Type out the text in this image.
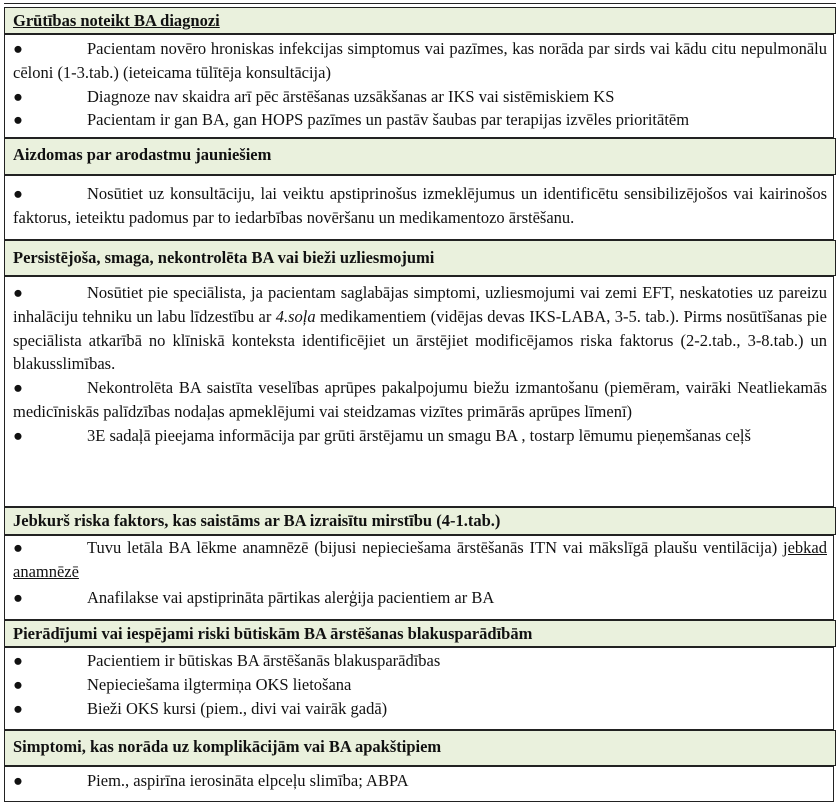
Grūtības noteikt BA diagnozi
●	Pacientam novēro hroniskas infekcijas simptomus vai pazīmes, kas norāda par sirds vai kādu citu nepulmonālu cēloni (1-3.tab.) (ieteicama tūlītēja konsultācija)
●	Diagnoze nav skaidra arī pēc ārstēšanas uzsākšanas ar IKS vai sistēmiskiem KS
●	Pacientam ir gan BA, gan HOPS pazīmes un pastāv šaubas par terapijas izvēles prioritātēm
Aizdomas par arodastmu jauniešiem
●	Nosūtiet uz konsultāciju, lai veiktu apstiprinošus izmeklējumus un identificētu sensibilizējošos vai kairinošos faktorus, ieteiktu padomus par to iedarbības novēršanu un medikamentozo ārstēšanu.
Persistējoša, smaga, nekontrolēta BA vai bieži uzliesmojumi
●	Nosūtiet pie speciālista, ja pacientam saglabājas simptomi, uzliesmojumi vai zemi EFT, neskatoties uz pareizu inhalāciju tehniku un labu līdzestību ar 4.soļa medikamentiem (vidējas devas IKS-LABA, 3-5. tab.). Pirms nosūtīšanas pie speciālista atkarībā no klīniskā konteksta identificējiet un ārstējiet modificējamos riska faktorus (2-2.tab., 3-8.tab.) un blakusslimības.
●	Nekontrolēta BA saistīta veselības aprūpes pakalpojumu biežu izmantošanu (piemēram, vairāki Neatliekamās medicīniskās palīdzības nodaļas apmeklējumi vai steidzamas vizītes primārās aprūpes līmenī)
●	3E sadaļā pieejama informācija par grūti ārstējamu un smagu BA , tostarp lēmumu pieņemšanas ceļš
Jebkurš riska faktors, kas saistāms ar BA izraisītu mirstību (4-1.tab.)
●	Tuvu letāla BA lēkme anamnēzē (bijusi nepieciešama ārstēšanās ITN vai mākslīgā plaušu ventilācija) jebkad anamnēzē
●	Anafilakse vai apstiprināta pārtikas alerģija pacientiem ar BA
Pierādījumi vai iespējami riski būtiskām BA ārstēšanas blakusparādībām
●	Pacientiem ir būtiskas BA ārstēšanās blakusparādības
●	Nepieciešama ilgtermiņa OKS lietošana
●	Bieži OKS kursi (piem., divi vai vairāk gadā)
Simptomi, kas norāda uz komplikācijām vai BA apakštipiem
●	Piem., aspirīna ierosināta elpceļu slimība; ABPA
